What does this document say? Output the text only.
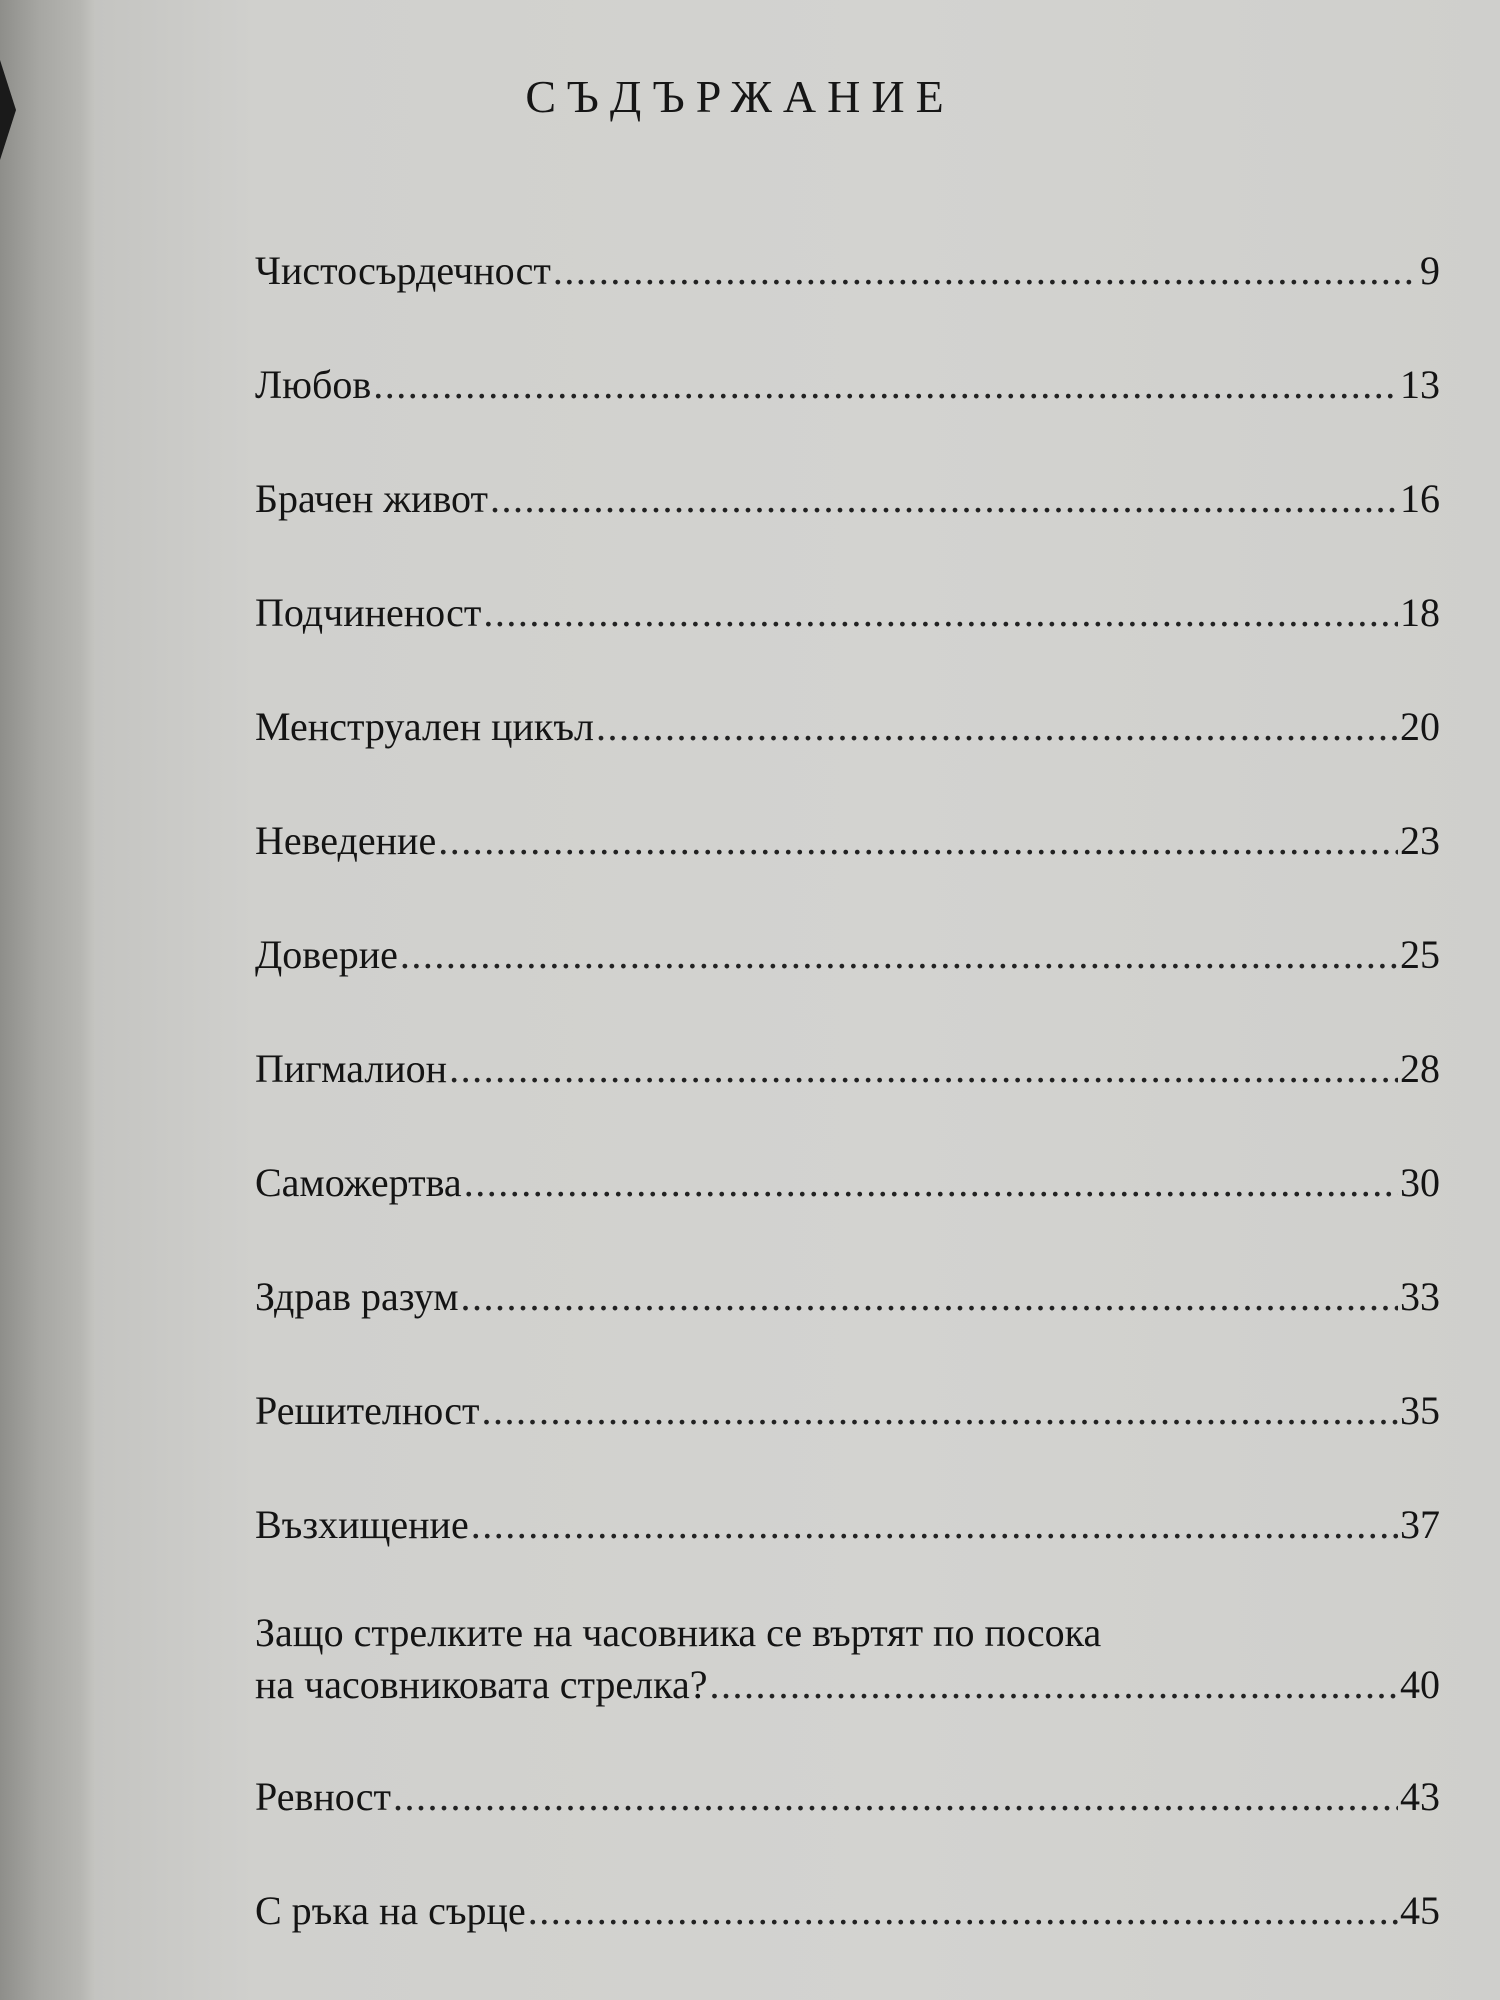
СЪДЪРЖАНИЕ
Чистосърдечност .....	9
Любов .....	13
Брачен живот .....	16
Подчиненост .....	18
Менструален цикъл .....	20
Неведение .....	23
Доверие .....	25
Пигмалион .....	28
Саможертва .....	30
Здрав разум .....	33
Решителност .....	35
Възхищение .....	37
Защо стрелките на часовника се въртят по посока
на часовниковата стрелка? .....	40
Ревност .....	43
С ръка на сърце .....	45
